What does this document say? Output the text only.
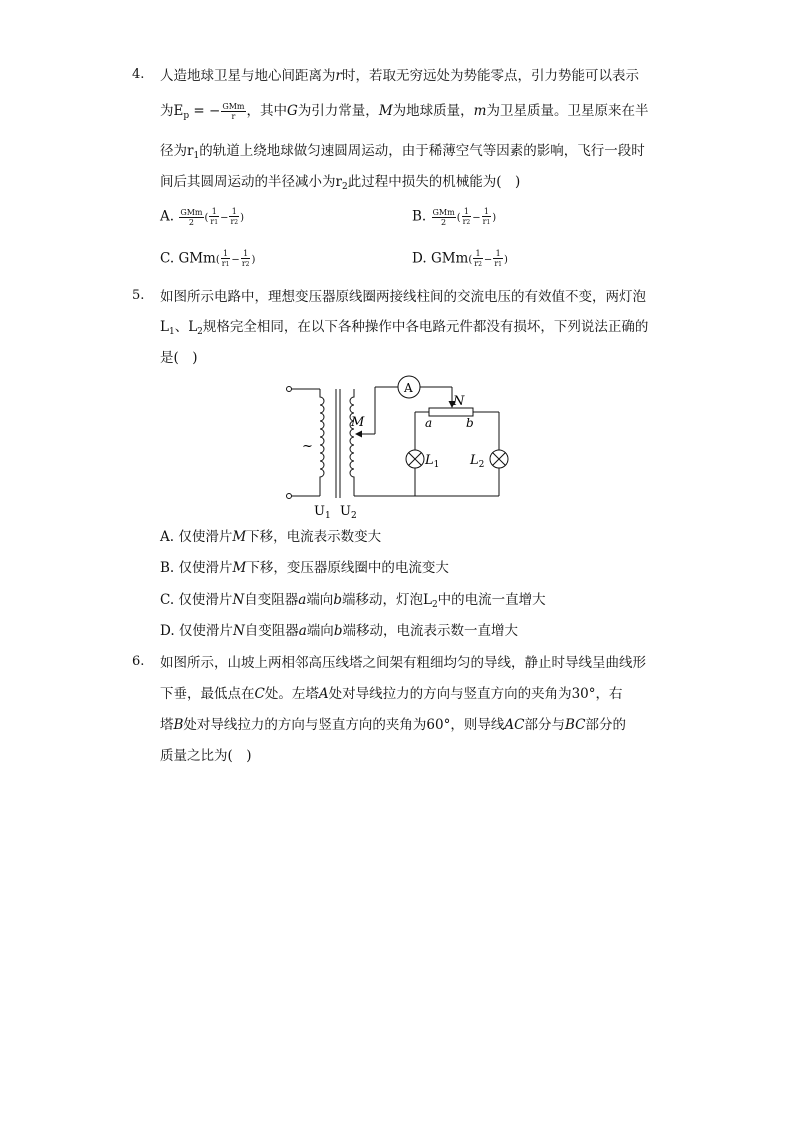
4. 人造地球卫星与地心间距离为r时，若取无穷远处为势能零点，引力势能可以表示
为$E_p$ = − $\frac{\text{GMm}}{r}$ ，其中G为引力常量，M为地球质量，m为卫星质量。卫星原来在半
径为$r_1$的轨道上绕地球做匀速圆周运动，由于稀薄空气等因素的影响，飞行一段时
间后其圆周运动的半径减小为$r_2$此过程中损失的机械能为(　)
A. $\frac{\text{GMm}}{2}$ ( $\frac{1}{r1} - \frac{1}{r2}$ )	B. $\frac{\text{GMm}}{2}$ ( $\frac{1}{r2} - \frac{1}{r1}$ )
C. $GMm( \frac{1}{r1} - \frac{1}{r2}$ )	D. $GMm( \frac{1}{r2} - \frac{1}{r1}$ )
5. 如图所示电路中，理想变压器原线圈两接线柱间的交流电压的有效值不变，两灯泡
$L_1$、$L_2$规格完全相同，在以下各种操作中各电路元件都没有损坏，下列说法正确的
是(　)
A
N
M	a	b
$L_1$ $L_2$
~
$U_1$ $U_2$
A. 仅使滑片M下移，电流表示数变大
B. 仅使滑片M下移，变压器原线圈中的电流变大
C. 仅使滑片N自变阻器a端向b端移动，灯泡$L_2$中的电流一直增大
D. 仅使滑片N自变阻器a端向b端移动，电流表示数一直增大
6. 如图所示，山坡上两相邻高压线塔之间架有粗细均匀的导线，静止时导线呈曲线形
下垂，最低点在C处。左塔A处对导线拉力的方向与竖直方向的夹角为30°，右
塔B处对导线拉力的方向与竖直方向的夹角为60°，则导线AC部分与BC部分的
质量之比为(　)
